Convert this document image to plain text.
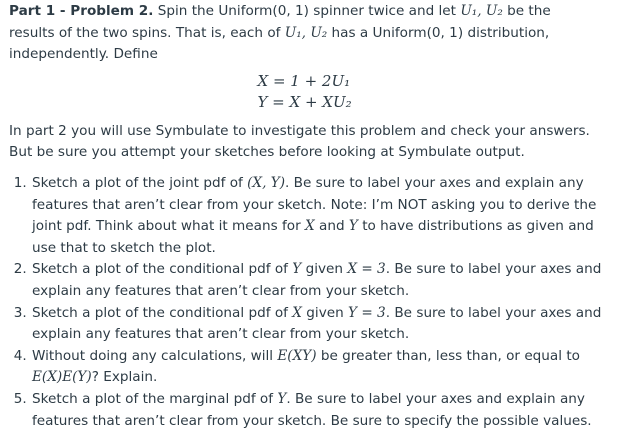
Part 1 - Problem 2. Spin the Uniform(0, 1) spinner twice and let U₁, U₂ be the results of the two spins. That is, each of U₁, U₂ has a Uniform(0, 1) distribution, independently. Define

X = 1 + 2U₁
Y = X + XU₂

In part 2 you will use Symbulate to investigate this problem and check your answers. But be sure you attempt your sketches before looking at Symbulate output.

1. Sketch a plot of the joint pdf of (X, Y). Be sure to label your axes and explain any features that aren’t clear from your sketch. Note: I’m NOT asking you to derive the joint pdf. Think about what it means for X and Y to have distributions as given and use that to sketch the plot.
2. Sketch a plot of the conditional pdf of Y given X = 3. Be sure to label your axes and explain any features that aren’t clear from your sketch.
3. Sketch a plot of the conditional pdf of X given Y = 3. Be sure to label your axes and explain any features that aren’t clear from your sketch.
4. Without doing any calculations, will E(XY) be greater than, less than, or equal to E(X)E(Y)? Explain.
5. Sketch a plot of the marginal pdf of Y. Be sure to label your axes and explain any features that aren’t clear from your sketch. Be sure to specify the possible values.
